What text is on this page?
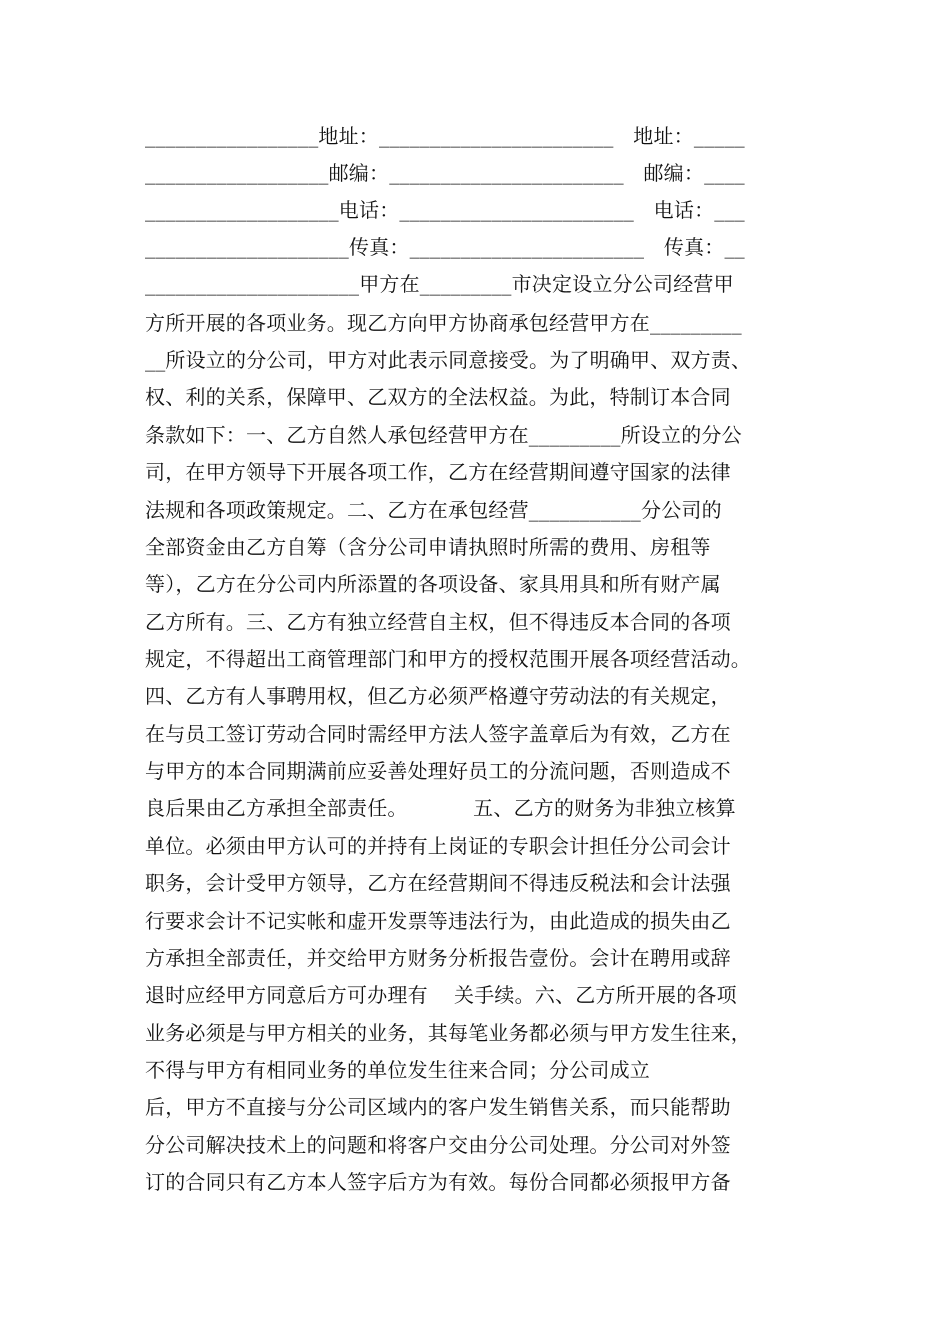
_________________地址：_______________________   地址：_____
__________________邮编：_______________________   邮编：____
___________________电话：_______________________   电话：___
____________________传真：_______________________   传真：__
_____________________甲方在_________市决定设立分公司经营甲
方所开展的各项业务。现乙方向甲方协商承包经营甲方在_________
__所设立的分公司，甲方对此表示同意接受。为了明确甲、双方责、
权、利的关系，保障甲、乙双方的全法权益。为此，特制订本合同
条款如下：一、乙方自然人承包经营甲方在_________所设立的分公
司，在甲方领导下开展各项工作，乙方在经营期间遵守国家的法律
法规和各项政策规定。二、乙方在承包经营___________分公司的
全部资金由乙方自筹（含分公司申请执照时所需的费用、房租等
等），乙方在分公司内所添置的各项设备、家具用具和所有财产属
乙方所有。三、乙方有独立经营自主权，但不得违反本合同的各项
规定，不得超出工商管理部门和甲方的授权范围开展各项经营活动。
四、乙方有人事聘用权，但乙方必须严格遵守劳动法的有关规定，
在与员工签订劳动合同时需经甲方法人签字盖章后为有效，乙方在
与甲方的本合同期满前应妥善处理好员工的分流问题，否则造成不
良后果由乙方承担全部责任。          五、乙方的财务为非独立核算
单位。必须由甲方认可的并持有上岗证的专职会计担任分公司会计
职务，会计受甲方领导，乙方在经营期间不得违反税法和会计法强
行要求会计不记实帐和虚开发票等违法行为，由此造成的损失由乙
方承担全部责任，并交给甲方财务分析报告壹份。会计在聘用或辞
退时应经甲方同意后方可办理有    关手续。六、乙方所开展的各项
业务必须是与甲方相关的业务，其每笔业务都必须与甲方发生往来，
不得与甲方有相同业务的单位发生往来合同；分公司成立
后，甲方不直接与分公司区域内的客户发生销售关系，而只能帮助
分公司解决技术上的问题和将客户交由分公司处理。分公司对外签
订的合同只有乙方本人签字后方为有效。每份合同都必须报甲方备
